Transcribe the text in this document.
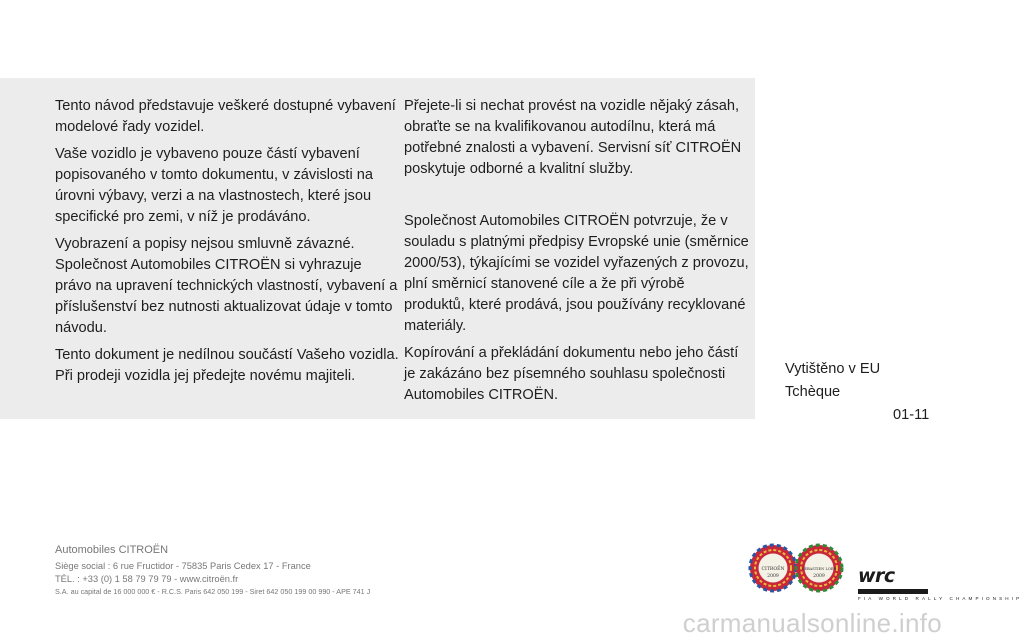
Tento návod představuje veškeré dostupné vybavení modelové řady vozidel.

Vaše vozidlo je vybaveno pouze částí vybavení popisovaného v tomto dokumentu, v závislosti na úrovni výbavy, verzi a na vlastnostech, které jsou specifické pro zemi, v níž je prodáváno.

Vyobrazení a popisy nejsou smluvně závazné. Společnost Automobiles CITROËN si vyhrazuje právo na upravení technických vlastností, vybavení a příslušenství bez nutnosti aktualizovat údaje v tomto návodu.

Tento dokument je nedílnou součástí Vašeho vozidla. Při prodeji vozidla jej předejte novému majiteli.

Přejete-li si nechat provést na vozidle nějaký zásah, obraťte se na kvalifikovanou autodílnu, která má potřebné znalosti a vybavení. Servisní síť CITROËN poskytuje odborné a kvalitní služby.

Společnost Automobiles CITROËN potvrzuje, že v souladu s platnými předpisy Evropské unie (směrnice 2000/53), týkajícími se vozidel vyřazených z provozu, plní směrnicí stanovené cíle a že při výrobě produktů, které prodává, jsou používány recyklované materiály.

Kopírování a překládání dokumentu nebo jeho částí je zakázáno bez písemného souhlasu společnosti Automobiles CITROËN.

Vytištěno v EU
Tchèque
01-11
Automobiles CITROËN
Siège social : 6 rue Fructidor - 75835 Paris Cedex 17 - France
TÉL. : +33 (0) 1 58 79 79 79 - www.citroën.fr
S.A. au capital de 16 000 000 € - R.C.S. Paris 642 050 199 - Siret 642 050 199 00 990 - APE 741 J
CITROËN
2009
SÉBASTIEN LOEB
2009 wrc
FIA WORLD RALLY CHAMPIONSHIP
carmanualsonline.info
